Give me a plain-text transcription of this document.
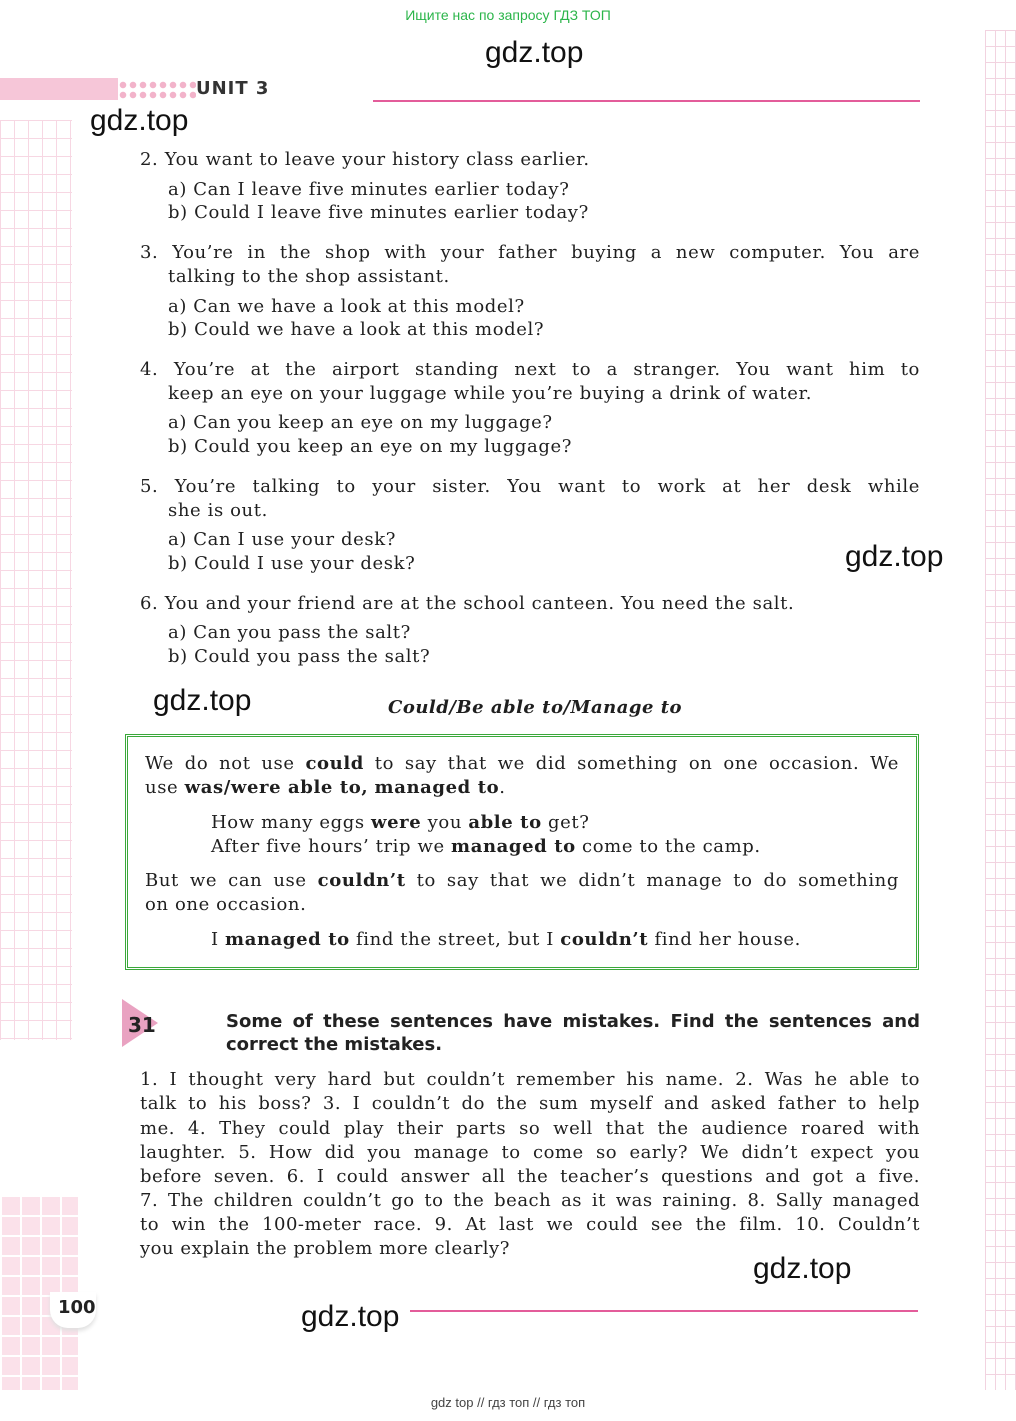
Ищите нас по запросу ГДЗ ТОП
gdz.top
UNIT 3
gdz.top
2. You want to leave your history class earlier.
a) Can I leave five minutes earlier today?
b) Could I leave five minutes earlier today?
3. You’re in the shop with your father buying a new computer. You are
talking to the shop assistant.
a) Can we have a look at this model?
b) Could we have a look at this model?
4. You’re at the airport standing next to a stranger. You want him to
keep an eye on your luggage while you’re buying a drink of water.
a) Can you keep an eye on my luggage?
b) Could you keep an eye on my luggage?
5. You’re talking to your sister. You want to work at her desk while
she is out.
a) Can I use your desk?
b) Could I use your desk?	gdz.top
6. You and your friend are at the school canteen. You need the salt.
a) Can you pass the salt?
b) Could you pass the salt?
gdz.top	Could/Be able to/Manage to
We do not use could to say that we did something on one occasion. We
use was/were able to, managed to.
How many eggs were you able to get?
After five hours’ trip we managed to come to the camp.
But we can use couldn’t to say that we didn’t manage to do something
on one occasion.
I managed to find the street, but I couldn’t find her house.
31	Some of these sentences have mistakes. Find the sentences and
correct the mistakes.
1. I thought very hard but couldn’t remember his name. 2. Was he able to
talk to his boss? 3. I couldn’t do the sum myself and asked father to help
me. 4. They could play their parts so well that the audience roared with
laughter. 5. How did you manage to come so early? We didn’t expect you
before seven. 6. I could answer all the teacher’s questions and got a five.
7. The children couldn’t go to the beach as it was raining. 8. Sally managed
to win the 100-meter race. 9. At last we could see the film. 10. Couldn’t
you explain the problem more clearly?
gdz.top
100	gdz.top
gdz top // гдз топ // гдз топ
